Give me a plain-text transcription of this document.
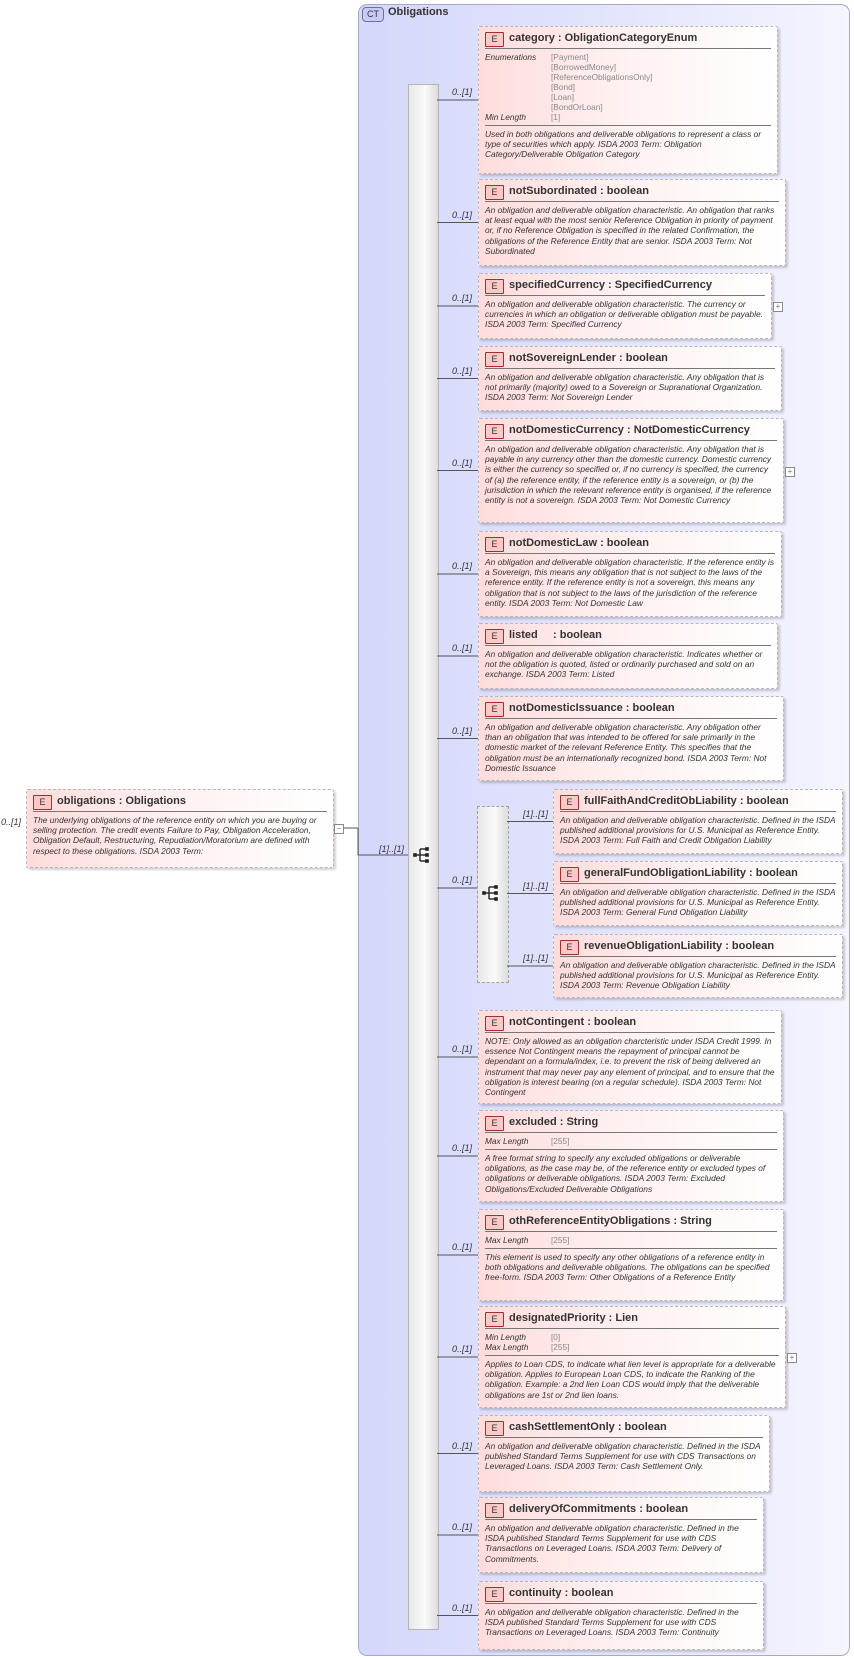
CT Obligations
0..[1]
E obligations : Obligations
The underlying obligations of the reference entity on which you are buying or selling protection. The credit events Failure to Pay, Obligation Acceleration, Obligation Default, Restructuring, Repudiation/Moratorium are defined with respect to these obligations. ISDA 2003 Term:
−
[1]..[1]
0..[1]
E category : ObligationCategoryEnum
Enumerations	[Payment]
	[BorrowedMoney]
	[ReferenceObligationsOnly]
	[Bond]
	[Loan]
	[BondOrLoan]
Min Length	[1]
Used in both obligations and deliverable obligations to represent a class or type of securities which apply. ISDA 2003 Term: Obligation Category/Deliverable Obligation Category
0..[1]
E notSubordinated : boolean
An obligation and deliverable obligation characteristic. An obligation that ranks at least equal with the most senior Reference Obligation in priority of payment or, if no Reference Obligation is specified in the related Confirmation, the obligations of the Reference Entity that are senior. ISDA 2003 Term: Not Subordinated
0..[1]
E specifiedCurrency : SpecifiedCurrency
An obligation and deliverable obligation characteristic. The currency or currencies in which an obligation or deliverable obligation must be payable. ISDA 2003 Term: Specified Currency
+
0..[1]
E notSovereignLender : boolean
An obligation and deliverable obligation characteristic. Any obligation that is not primarily (majority) owed to a Sovereign or Supranational Organization. ISDA 2003 Term: Not Sovereign Lender
0..[1]
E notDomesticCurrency : NotDomesticCurrency
An obligation and deliverable obligation characteristic. Any obligation that is payable in any currency other than the domestic currency. Domestic currency is either the currency so specified or, if no currency is specified, the currency of (a) the reference entity, if the reference entity is a sovereign, or (b) the jurisdiction in which the relevant reference entity is organised, if the reference entity is not a sovereign. ISDA 2003 Term: Not Domestic Currency
+
0..[1]
E notDomesticLaw : boolean
An obligation and deliverable obligation characteristic. If the reference entity is a Sovereign, this means any obligation that is not subject to the laws of the reference entity. If the reference entity is not a sovereign, this means any obligation that is not subject to the laws of the jurisdiction of the reference entity. ISDA 2003 Term: Not Domestic Law
0..[1]
E listed     : boolean
An obligation and deliverable obligation characteristic. Indicates whether or not the obligation is quoted, listed or ordinarily purchased and sold on an exchange. ISDA 2003 Term: Listed
0..[1]
E notDomesticIssuance : boolean
An obligation and deliverable obligation characteristic. Any obligation other than an obligation that was intended to be offered for sale primarily in the domestic market of the relevant Reference Entity. This specifies that the obligation must be an internationally recognized bond. ISDA 2003 Term: Not Domestic Issuance
0..[1]
E notContingent : boolean
NOTE: Only allowed as an obligation charcteristic under ISDA Credit 1999. In essence Not Contingent means the repayment of principal cannot be dependant on a formula/index, i.e. to prevent the risk of being delivered an instrument that may never pay any element of principal, and to ensure that the obligation is interest bearing (on a regular schedule). ISDA 2003 Term: Not Contingent
0..[1]
E excluded : String
Max Length	[255]
A free format string to specify any excluded obligations or deliverable obligations, as the case may be, of the reference entity or excluded types of obligations or deliverable obligations. ISDA 2003 Term: Excluded Obligations/Excluded Deliverable Obligations
0..[1]
E othReferenceEntityObligations : String
Max Length	[255]
This element is used to specify any other obligations of a reference entity in both obligations and deliverable obligations. The obligations can be specified free-form. ISDA 2003 Term: Other Obligations of a Reference Entity
0..[1]
E designatedPriority : Lien
Min Length	[0]
Max Length	[255]
Applies to Loan CDS, to indicate what lien level is appropriate for a deliverable obligation. Applies to European Loan CDS, to indicate the Ranking of the obligation. Example: a 2nd lien Loan CDS would imply that the deliverable obligations are 1st or 2nd lien loans.
+
0..[1]
E cashSettlementOnly : boolean
An obligation and deliverable obligation characteristic. Defined in the ISDA published Standard Terms Supplement for use with CDS Transactions on Leveraged Loans. ISDA 2003 Term: Cash Settlement Only.
0..[1]
E deliveryOfCommitments : boolean
An obligation and deliverable obligation characteristic. Defined in the ISDA published Standard Terms Supplement for use with CDS Transactions on Leveraged Loans. ISDA 2003 Term: Delivery of Commitments.
0..[1]
E continuity : boolean
An obligation and deliverable obligation characteristic. Defined in the ISDA published Standard Terms Supplement for use with CDS Transactions on Leveraged Loans. ISDA 2003 Term: Continuity
0..[1]
[1]..[1]
E fullFaithAndCreditObLiability : boolean
An obligation and deliverable obligation characteristic. Defined in the ISDA published additional provisions for U.S. Municipal as Reference Entity. ISDA 2003 Term: Full Faith and Credit Obligation Liability
[1]..[1]
E generalFundObligationLiability : boolean
An obligation and deliverable obligation characteristic. Defined in the ISDA published additional provisions for U.S. Municipal as Reference Entity. ISDA 2003 Term: General Fund Obligation Liability
[1]..[1]
E revenueObligationLiability : boolean
An obligation and deliverable obligation characteristic. Defined in the ISDA published additional provisions for U.S. Municipal as Reference Entity. ISDA 2003 Term: Revenue Obligation Liability
